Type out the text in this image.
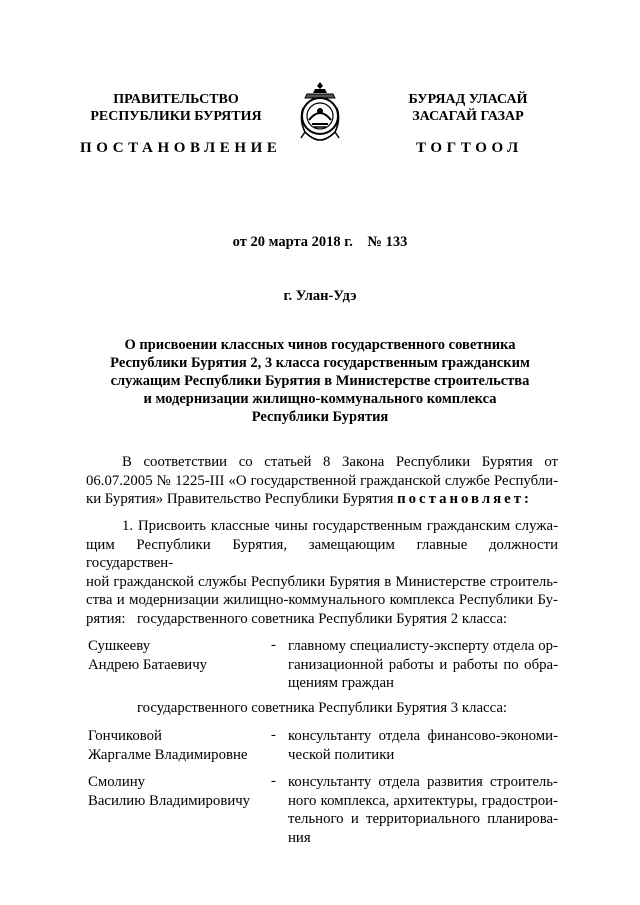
ПРАВИТЕЛЬСТВО
РЕСПУБЛИКИ БУРЯТИЯ
БУРЯАД УЛАСАЙ
ЗАСАГАЙ ГАЗАР
ПОСТАНОВЛЕНИЕ	ТОГТООЛ
от 20 марта 2018 г.    № 133
г. Улан-Удэ
О присвоении классных чинов государственного советника
Республики Бурятия 2, 3 класса государственным гражданским
служащим Республики Бурятия в Министерстве строительства
и модернизации жилищно-коммунального комплекса
Республики Бурятия
В соответствии со статьей 8 Закона Республики Бурятия от
06.07.2005 № 1225-III «О государственной гражданской службе Республи-
ки Бурятия» Правительство Республики Бурятия постановляет:
1. Присвоить классные чины государственным гражданским служа-
щим Республики Бурятия, замещающим главные должности государствен-
ной гражданской службы Республики Бурятия в Министерстве строитель-
ства и модернизации жилищно-коммунального комплекса Республики Бу-
рятия: государственного советника Республики Бурятия 2 класса:
Сушкееву
Андрею Батаевичу
- главному специалисту-эксперту отдела ор-
ганизационной работы и работы по обра-
щениям граждан
государственного советника Республики Бурятия 3 класса:
Гончиковой
Жаргалме Владимировне
- консультанту отдела финансово-экономи-
ческой политики
Смолину
Василию Владимировичу
- консультанту отдела развития строитель-
ного комплекса, архитектуры, градострои-
тельного и территориального планирова-
ния
